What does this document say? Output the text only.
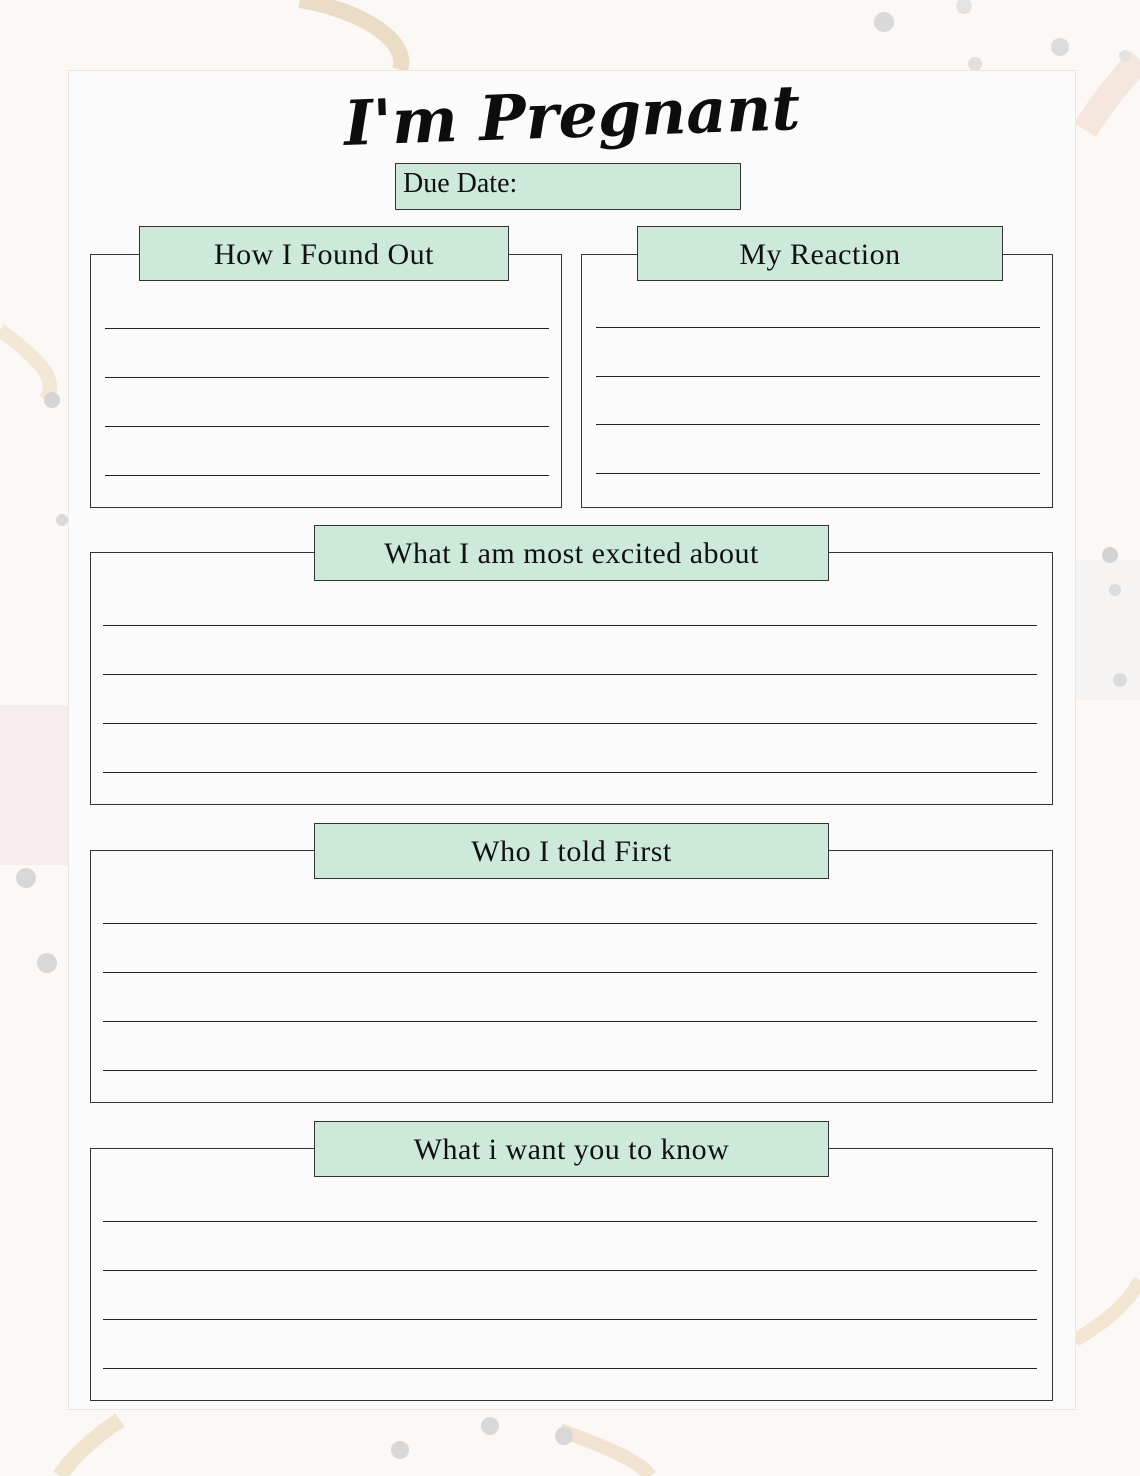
I'm Pregnant
Due Date:
How I Found Out	My Reaction
What I am most excited about
Who I told First
What i want you to know
